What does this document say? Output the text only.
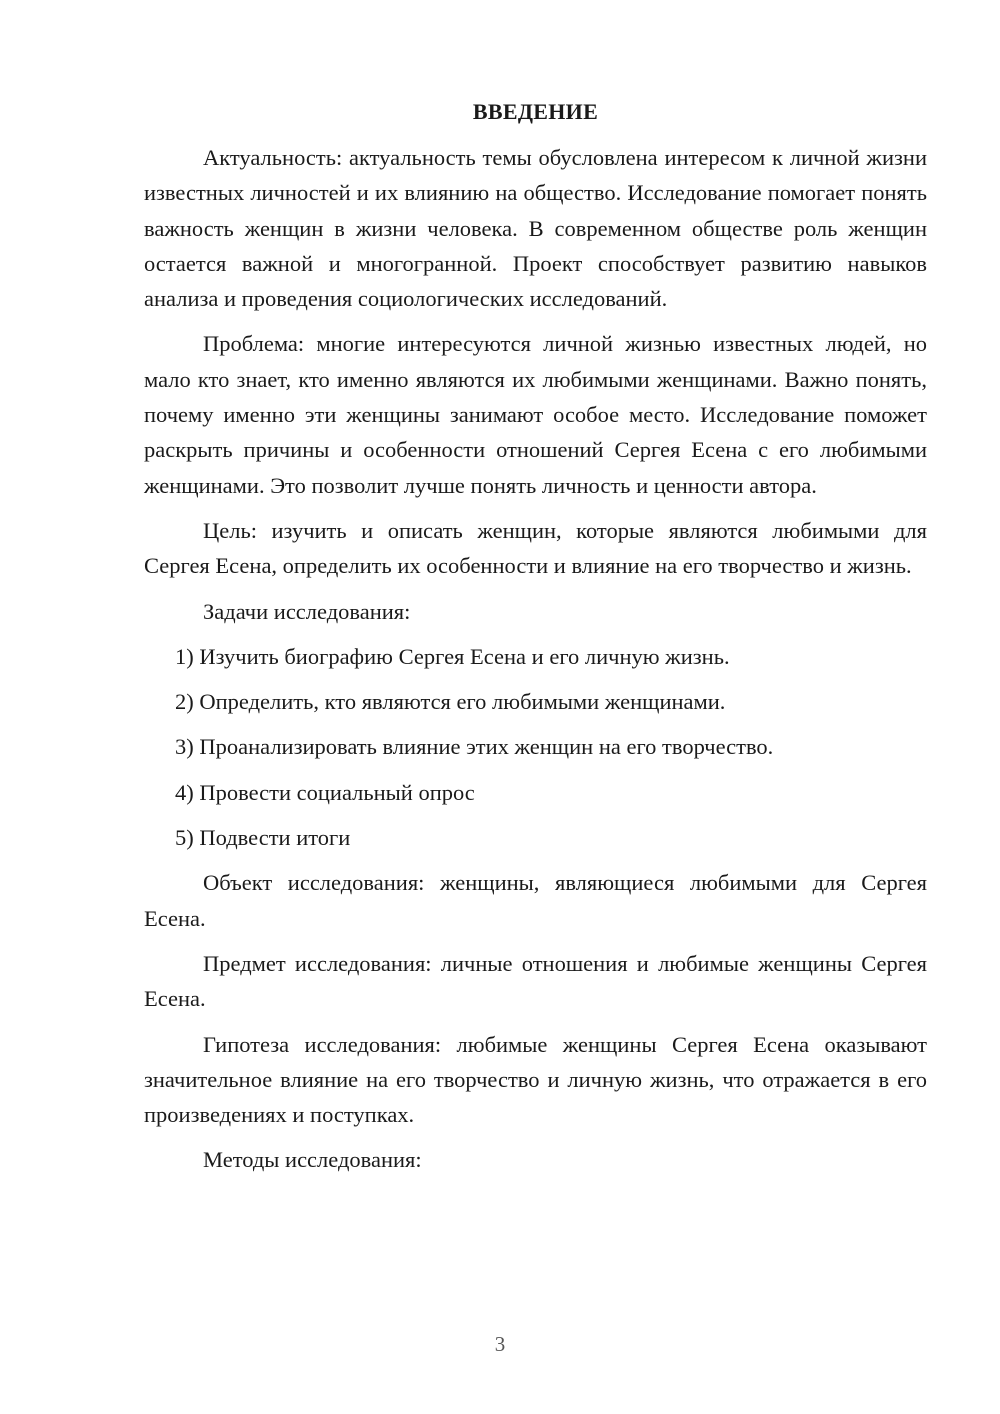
ВВЕДЕНИЕ

Актуальность: актуальность темы обусловлена интересом к личной жизни известных личностей и их влиянию на общество. Исследование помогает понять важность женщин в жизни человека. В современном обществе роль женщин остается важной и многогранной. Проект способствует развитию навыков анализа и проведения социологических исследований.

Проблема: многие интересуются личной жизнью известных людей, но мало кто знает, кто именно являются их любимыми женщинами. Важно понять, почему именно эти женщины занимают особое место. Исследование поможет раскрыть причины и особенности отношений Сергея Есена с его любимыми женщинами. Это позволит лучше понять личность и ценности автора.

Цель: изучить и описать женщин, которые являются любимыми для Сергея Есена, определить их особенности и влияние на его творчество и жизнь.

Задачи исследования:

1) Изучить биографию Сергея Есена и его личную жизнь.

2) Определить, кто являются его любимыми женщинами.

3) Проанализировать влияние этих женщин на его творчество.

4) Провести социальный опрос

5) Подвести итоги

Объект исследования: женщины, являющиеся любимыми для Сергея Есена.

Предмет исследования: личные отношения и любимые женщины Сергея Есена.

Гипотеза исследования: любимые женщины Сергея Есена оказывают значительное влияние на его творчество и личную жизнь, что отражается в его произведениях и поступках.

Методы исследования:

3
